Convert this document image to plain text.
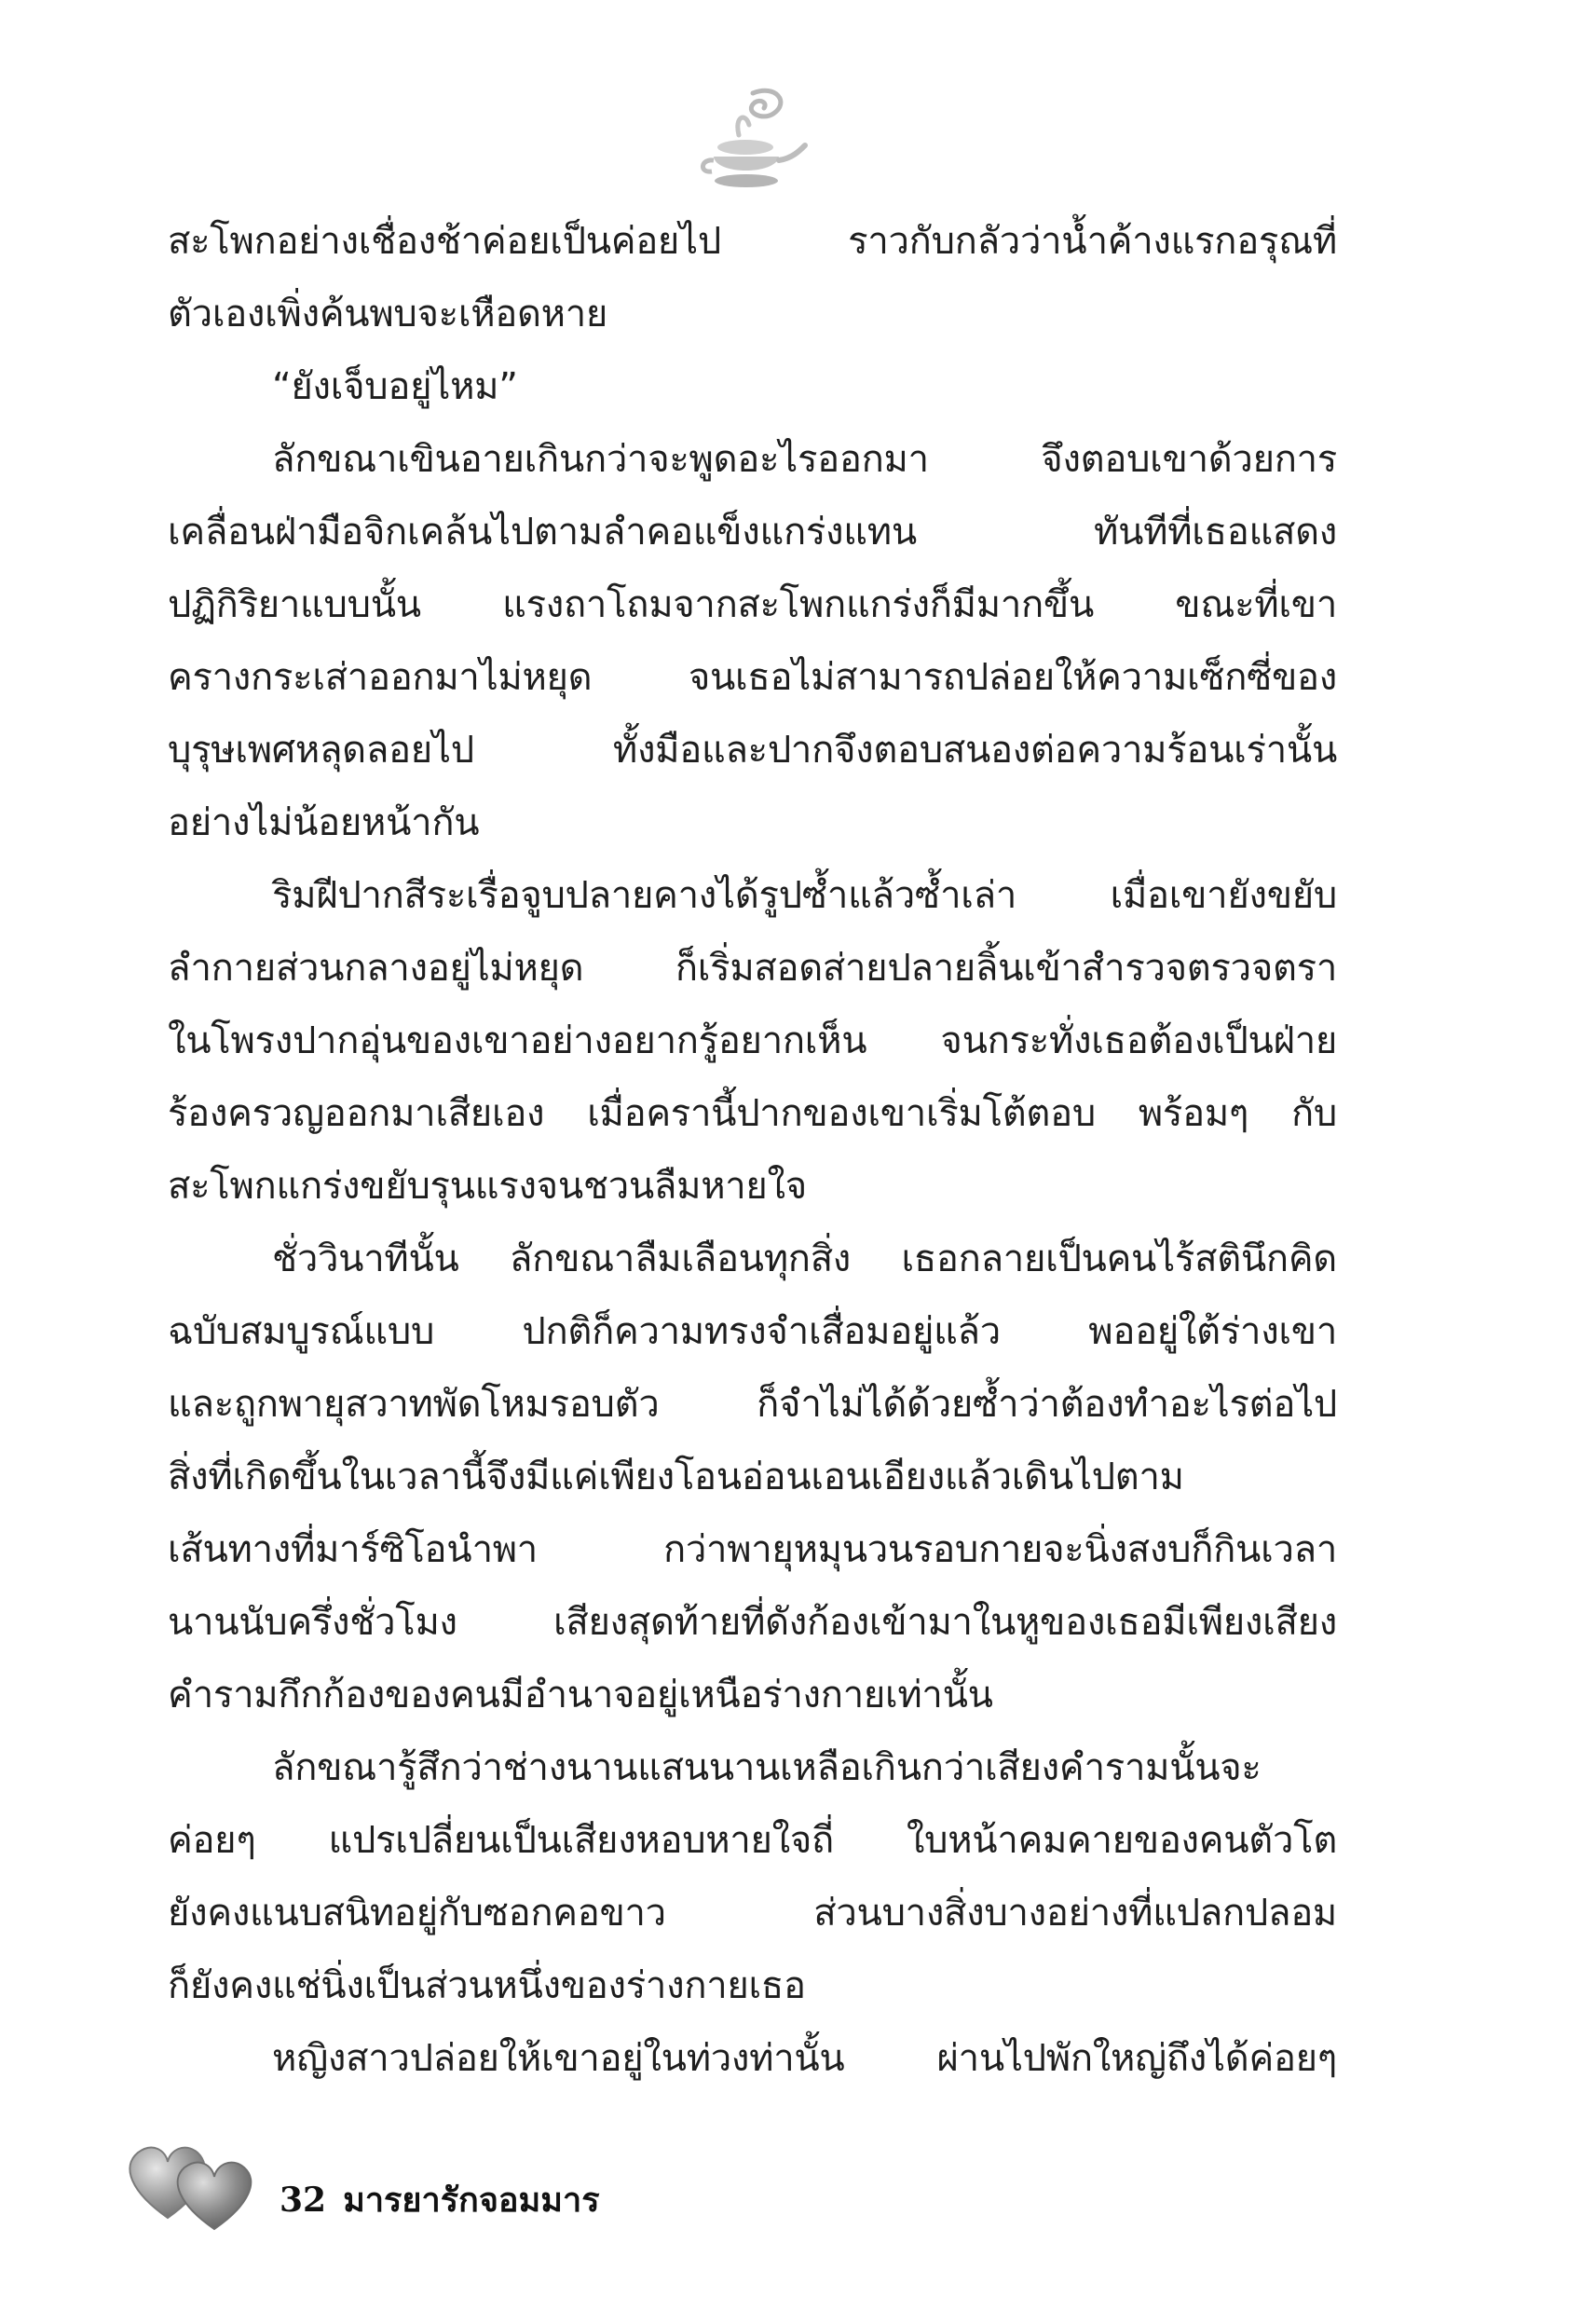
สะโพกอย่างเชื่องช้าค่อยเป็นค่อยไป ราวกับกลัวว่าน้ำค้างแรกอรุณที่
ตัวเองเพิ่งค้นพบจะเหือดหาย
“ยังเจ็บอยู่ไหม”
ลักขณาเขินอายเกินกว่าจะพูดอะไรออกมา จึงตอบเขาด้วยการ
เคลื่อนฝ่ามือจิกเคล้นไปตามลำคอแข็งแกร่งแทน ทันทีที่เธอแสดง
ปฏิกิริยาแบบนั้น แรงถาโถมจากสะโพกแกร่งก็มีมากขึ้น ขณะที่เขา
ครางกระเส่าออกมาไม่หยุด จนเธอไม่สามารถปล่อยให้ความเซ็กซี่ของ
บุรุษเพศหลุดลอยไป ทั้งมือและปากจึงตอบสนองต่อความร้อนเร่านั้น
อย่างไม่น้อยหน้ากัน
ริมฝีปากสีระเรื่อจูบปลายคางได้รูปซ้ำแล้วซ้ำเล่า เมื่อเขายังขยับ
ลำกายส่วนกลางอยู่ไม่หยุด ก็เริ่มสอดส่ายปลายลิ้นเข้าสำรวจตรวจตรา
ในโพรงปากอุ่นของเขาอย่างอยากรู้อยากเห็น จนกระทั่งเธอต้องเป็นฝ่าย
ร้องครวญออกมาเสียเอง เมื่อครานี้ปากของเขาเริ่มโต้ตอบ พร้อมๆ กับ
สะโพกแกร่งขยับรุนแรงจนชวนลืมหายใจ
ชั่ววินาทีนั้น ลักขณาลืมเลือนทุกสิ่ง เธอกลายเป็นคนไร้สตินึกคิด
ฉบับสมบูรณ์แบบ ปกติก็ความทรงจำเสื่อมอยู่แล้ว พออยู่ใต้ร่างเขา
และถูกพายุสวาทพัดโหมรอบตัว ก็จำไม่ได้ด้วยซ้ำว่าต้องทำอะไรต่อไป
สิ่งที่เกิดขึ้นในเวลานี้จึงมีแค่เพียงโอนอ่อนเอนเอียงแล้วเดินไปตาม
เส้นทางที่มาร์ซิโอนำพา กว่าพายุหมุนวนรอบกายจะนิ่งสงบก็กินเวลา
นานนับครึ่งชั่วโมง เสียงสุดท้ายที่ดังก้องเข้ามาในหูของเธอมีเพียงเสียง
คำรามกึกก้องของคนมีอำนาจอยู่เหนือร่างกายเท่านั้น
ลักขณารู้สึกว่าช่างนานแสนนานเหลือเกินกว่าเสียงคำรามนั้นจะ
ค่อยๆ แปรเปลี่ยนเป็นเสียงหอบหายใจถี่ ใบหน้าคมคายของคนตัวโต
ยังคงแนบสนิทอยู่กับซอกคอขาว ส่วนบางสิ่งบางอย่างที่แปลกปลอม
ก็ยังคงแช่นิ่งเป็นส่วนหนึ่งของร่างกายเธอ
หญิงสาวปล่อยให้เขาอยู่ในท่วงท่านั้น ผ่านไปพักใหญ่ถึงได้ค่อยๆ
32 มารยารักจอมมาร
